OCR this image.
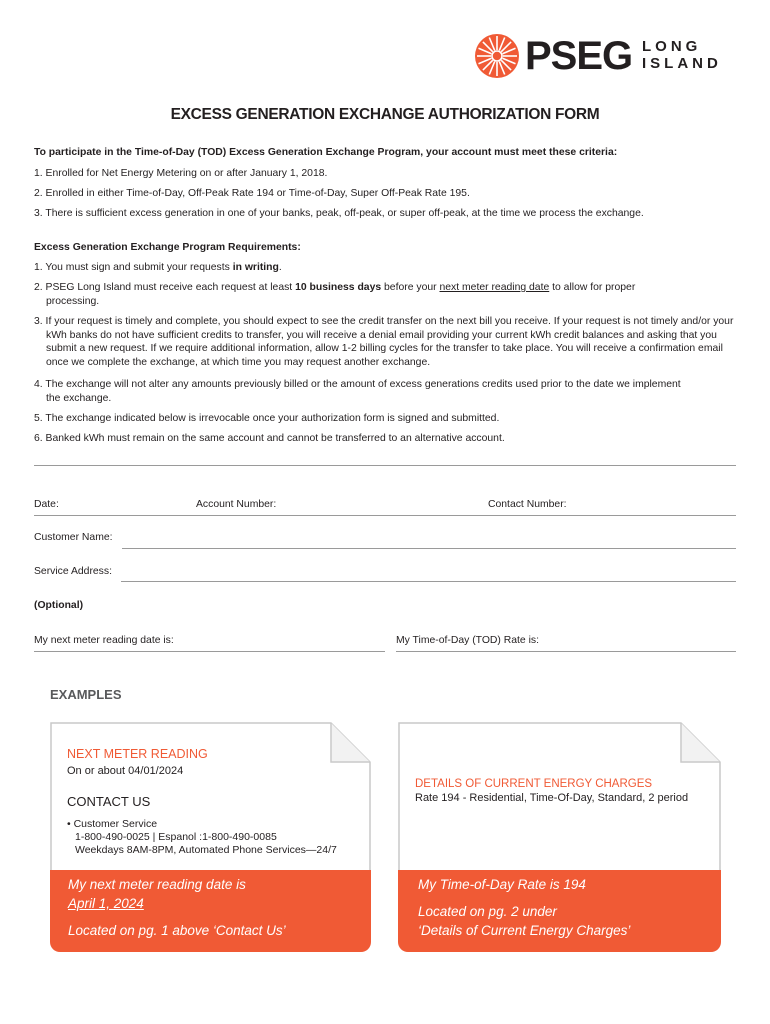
PSEG LONG
ISLAND
EXCESS GENERATION EXCHANGE AUTHORIZATION FORM
To participate in the Time-of-Day (TOD) Excess Generation Exchange Program, your account must meet these criteria:
1. Enrolled for Net Energy Metering on or after January 1, 2018.
2. Enrolled in either Time-of-Day, Off-Peak Rate 194 or Time-of-Day, Super Off-Peak Rate 195.
3. There is sufficient excess generation in one of your banks, peak, off-peak, or super off-peak, at the time we process the exchange.
Excess Generation Exchange Program Requirements:
1. You must sign and submit your requests in writing.
2. PSEG Long Island must receive each request at least 10 business days before your next meter reading date to allow for proper processing.
3. If your request is timely and complete, you should expect to see the credit transfer on the next bill you receive. If your request is not timely and/or your kWh banks do not have sufficient credits to transfer, you will receive a denial email providing your current kWh credit balances and asking that you submit a new request. If we require additional information, allow 1-2 billing cycles for the transfer to take place. You will receive a confirmation email once we complete the exchange, at which time you may request another exchange.
4. The exchange will not alter any amounts previously billed or the amount of excess generations credits used prior to the date we implement the exchange.
5. The exchange indicated below is irrevocable once your authorization form is signed and submitted.
6. Banked kWh must remain on the same account and cannot be transferred to an alternative account.
Date:	Account Number:	Contact Number:
Customer Name:
Service Address:
(Optional)
My next meter reading date is:	My Time-of-Day (TOD) Rate is:
EXAMPLES
NEXT METER READING
On or about 04/01/2024
CONTACT US
• Customer Service
1-800-490-0025 | Espanol :1-800-490-0085
Weekdays 8AM-8PM, Automated Phone Services—24/7
My next meter reading date is
April 1, 2024
Located on pg. 1 above ‘Contact Us’
DETAILS OF CURRENT ENERGY CHARGES
Rate 194 - Residential, Time-Of-Day, Standard, 2 period
My Time-of-Day Rate is 194
Located on pg. 2 under
‘Details of Current Energy Charges’
